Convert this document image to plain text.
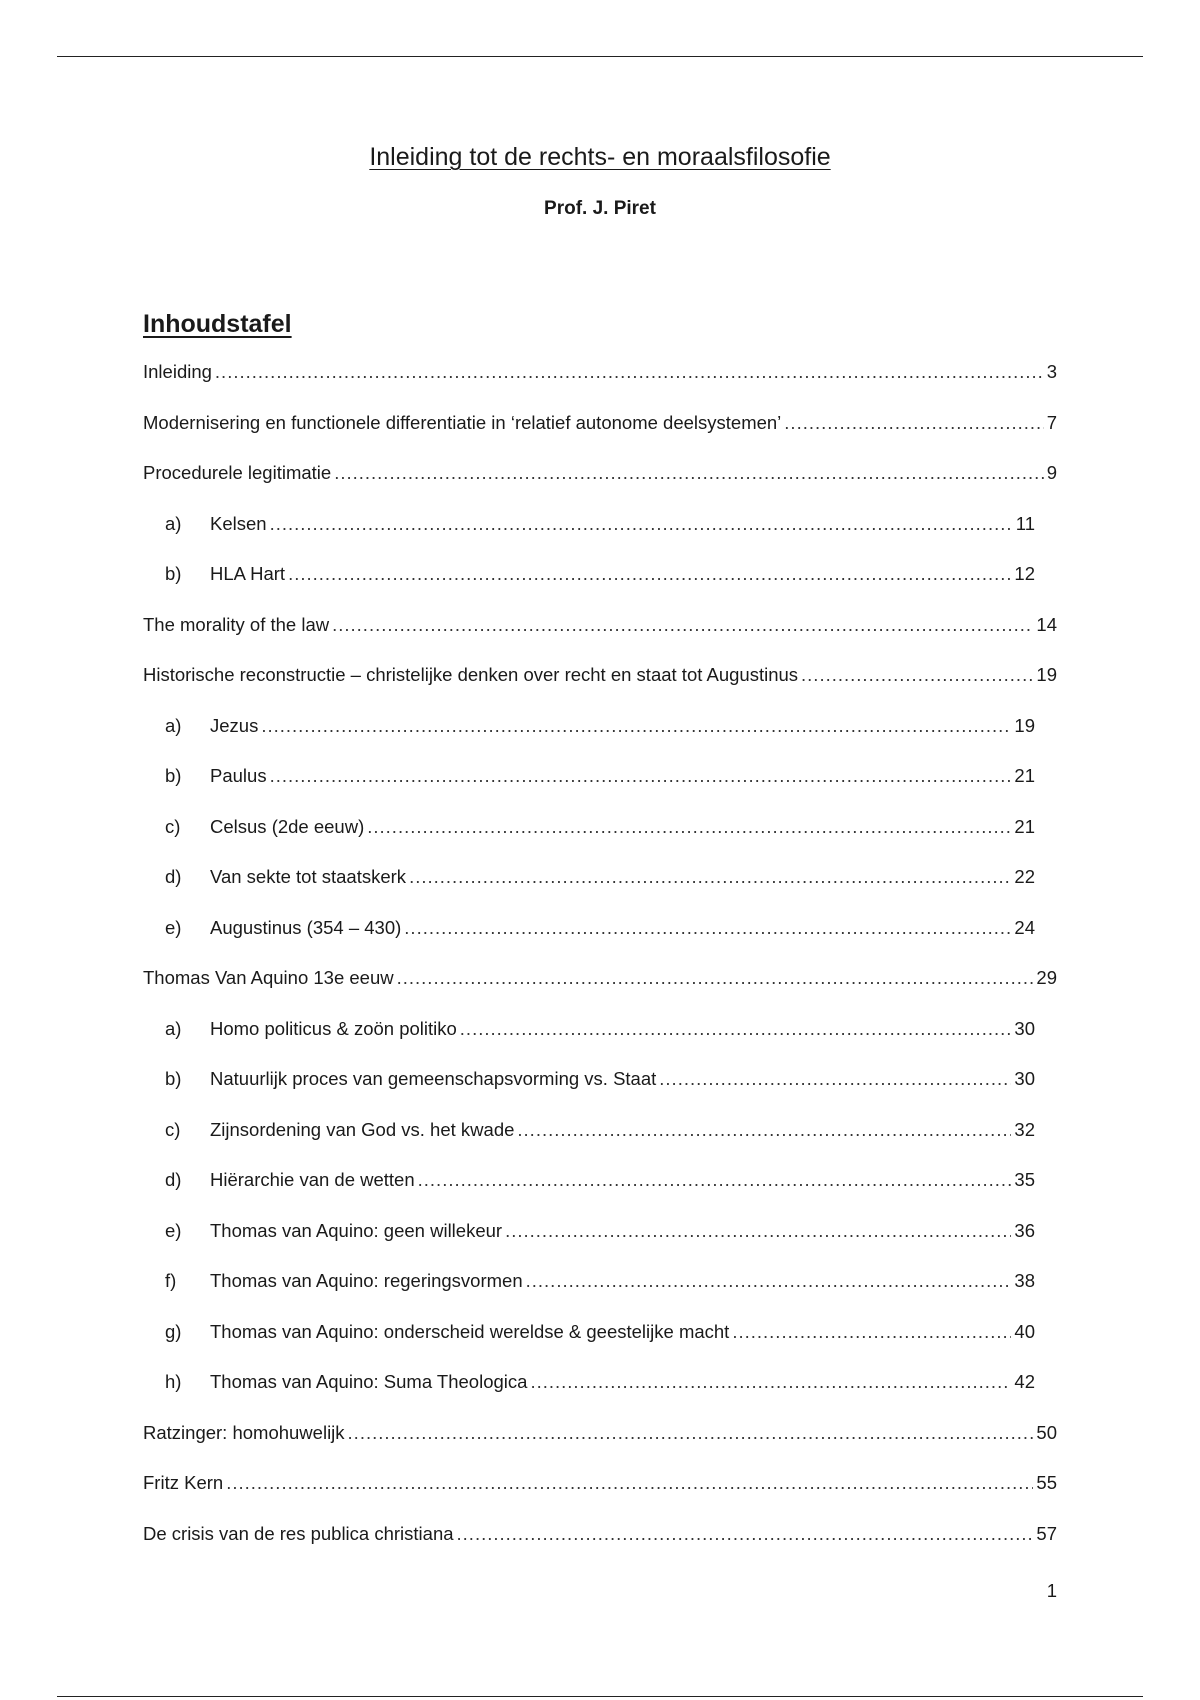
Inleiding tot de rechts- en moraalsfilosofie
Prof. J. Piret
Inhoudstafel
Inleiding .....	3
Modernisering en functionele differentiatie in ‘relatief autonome deelsystemen’ .....	7
Procedurele legitimatie .....	9
a)	Kelsen .....	11
b)	HLA Hart .....	12
The morality of the law .....	14
Historische reconstructie – christelijke denken over recht en staat tot Augustinus .....	19
a)	Jezus .....	19
b)	Paulus .....	21
c)	Celsus (2de eeuw) .....	21
d)	Van sekte tot staatskerk .....	22
e)	Augustinus (354 – 430) .....	24
Thomas Van Aquino 13e eeuw .....	29
a)	Homo politicus & zoön politiko .....	30
b)	Natuurlijk proces van gemeenschapsvorming vs. Staat .....	30
c)	Zijnsordening van God vs. het kwade .....	32
d)	Hiërarchie van de wetten .....	35
e)	Thomas van Aquino: geen willekeur .....	36
f)	Thomas van Aquino: regeringsvormen .....	38
g)	Thomas van Aquino: onderscheid wereldse & geestelijke macht .....	40
h)	Thomas van Aquino: Suma Theologica .....	42
Ratzinger: homohuwelijk .....	50
Fritz Kern .....	55
De crisis van de res publica christiana .....	57
1
